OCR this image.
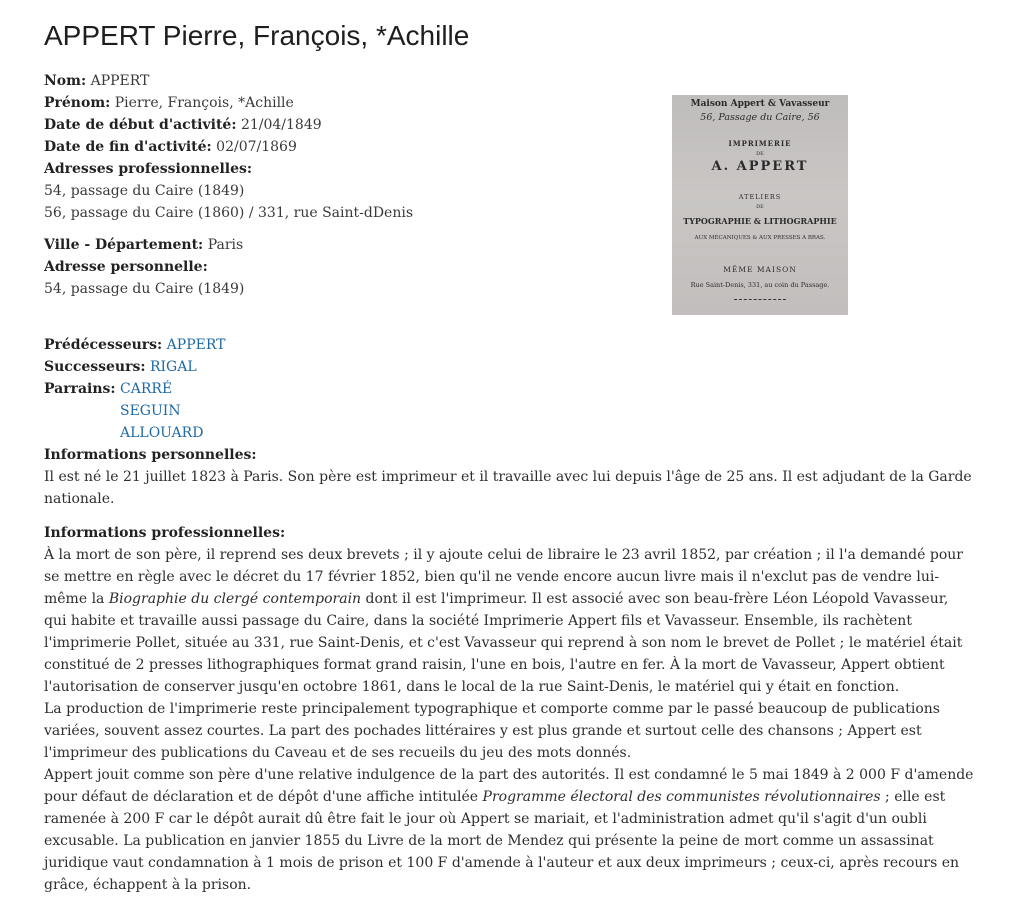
APPERT Pierre, François, *Achille
Maison Appert & Vavasseur
56, Passage du Caire, 56
IMPRIMERIE
DE
A. APPERT
ATELIERS
DE
TYPOGRAPHIE & LITHOGRAPHIE
AUX MÉCANIQUES & AUX PRESSES A BRAS.
MÊME MAISON
Rue Saint-Denis, 331, au coin du Passage.
Nom: APPERT
Prénom: Pierre, François, *Achille
Date de début d'activité: 21/04/1849
Date de fin d'activité: 02/07/1869
Adresses professionnelles:
54, passage du Caire (1849)
56, passage du Caire (1860) / 331, rue Saint-dDenis
Ville - Département: Paris
Adresse personnelle:
54, passage du Caire (1849)
Prédécesseurs: APPERT
Successeurs: RIGAL
Parrains: CARRÉ
SEGUIN
ALLOUARD
Informations personnelles:
Il est né le 21 juillet 1823 à Paris. Son père est imprimeur et il travaille avec lui depuis l'âge de 25 ans. Il est adjudant de la Garde nationale.
Informations professionnelles:
À la mort de son père, il reprend ses deux brevets ; il y ajoute celui de libraire le 23 avril 1852, par création ; il l'a demandé pour se mettre en règle avec le décret du 17 février 1852, bien qu'il ne vende encore aucun livre mais il n'exclut pas de vendre lui-même la Biographie du clergé contemporain dont il est l'imprimeur. Il est associé avec son beau-frère Léon Léopold Vavasseur, qui habite et travaille aussi passage du Caire, dans la société Imprimerie Appert fils et Vavasseur. Ensemble, ils rachètent l'imprimerie Pollet, située au 331, rue Saint-Denis, et c'est Vavasseur qui reprend à son nom le brevet de Pollet ; le matériel était constitué de 2 presses lithographiques format grand raisin, l'une en bois, l'autre en fer. À la mort de Vavasseur, Appert obtient l'autorisation de conserver jusqu'en octobre 1861, dans le local de la rue Saint-Denis, le matériel qui y était en fonction.
La production de l'imprimerie reste principalement typographique et comporte comme par le passé beaucoup de publications variées, souvent assez courtes. La part des pochades littéraires y est plus grande et surtout celle des chansons ; Appert est l'imprimeur des publications du Caveau et de ses recueils du jeu des mots donnés.
Appert jouit comme son père d'une relative indulgence de la part des autorités. Il est condamné le 5 mai 1849 à 2 000 F d'amende pour défaut de déclaration et de dépôt d'une affiche intitulée Programme électoral des communistes révolutionnaires ; elle est ramenée à 200 F car le dépôt aurait dû être fait le jour où Appert se mariait, et l'administration admet qu'il s'agit d'un oubli excusable. La publication en janvier 1855 du Livre de la mort de Mendez qui présente la peine de mort comme un assassinat juridique vaut condamnation à 1 mois de prison et 100 F d'amende à l'auteur et aux deux imprimeurs ; ceux-ci, après recours en grâce, échappent à la prison.
